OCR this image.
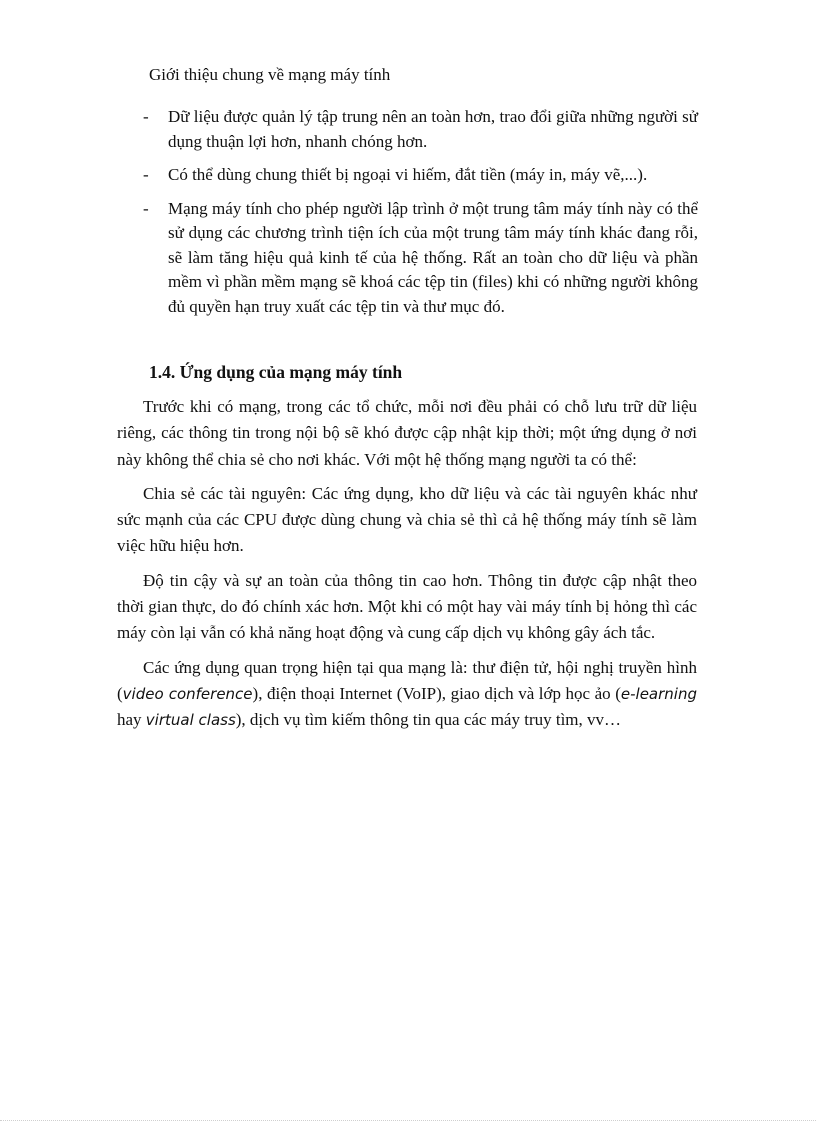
Giới thiệu chung về mạng máy tính
- Dữ liệu được quản lý tập trung nên an toàn hơn, trao đổi giữa những người sử dụng thuận lợi hơn, nhanh chóng hơn.
- Có thể dùng chung thiết bị ngoại vi hiếm, đắt tiền (máy in, máy vẽ,...).
- Mạng máy tính cho phép người lập trình ở một trung tâm máy tính này có thể sử dụng các chương trình tiện ích của một trung tâm máy tính khác đang rỗi, sẽ làm tăng hiệu quả kinh tế của hệ thống. Rất an toàn cho dữ liệu và phần mềm vì phần mềm mạng sẽ khoá các tệp tin (files) khi có những người không đủ quyền hạn truy xuất các tệp tin và thư mục đó.
1.4. Ứng dụng của mạng máy tính

Trước khi có mạng, trong các tổ chức, mỗi nơi đều phải có chỗ lưu trữ dữ liệu riêng, các thông tin trong nội bộ sẽ khó được cập nhật kịp thời; một ứng dụng ở nơi này không thể chia sẻ cho nơi khác. Với một hệ thống mạng người ta có thể:

Chia sẻ các tài nguyên: Các ứng dụng, kho dữ liệu và các tài nguyên khác như sức mạnh của các CPU được dùng chung và chia sẻ thì cả hệ thống máy tính sẽ làm việc hữu hiệu hơn.

Độ tin cậy và sự an toàn của thông tin cao hơn. Thông tin được cập nhật theo thời gian thực, do đó chính xác hơn. Một khi có một hay vài máy tính bị hỏng thì các máy còn lại vẫn có khả năng hoạt động và cung cấp dịch vụ không gây ách tắc.

Các ứng dụng quan trọng hiện tại qua mạng là: thư điện tử, hội nghị truyền hình (video conference), điện thoại Internet (VoIP), giao dịch và lớp học ảo (e-learning hay virtual class), dịch vụ tìm kiếm thông tin qua các máy truy tìm, vv…
